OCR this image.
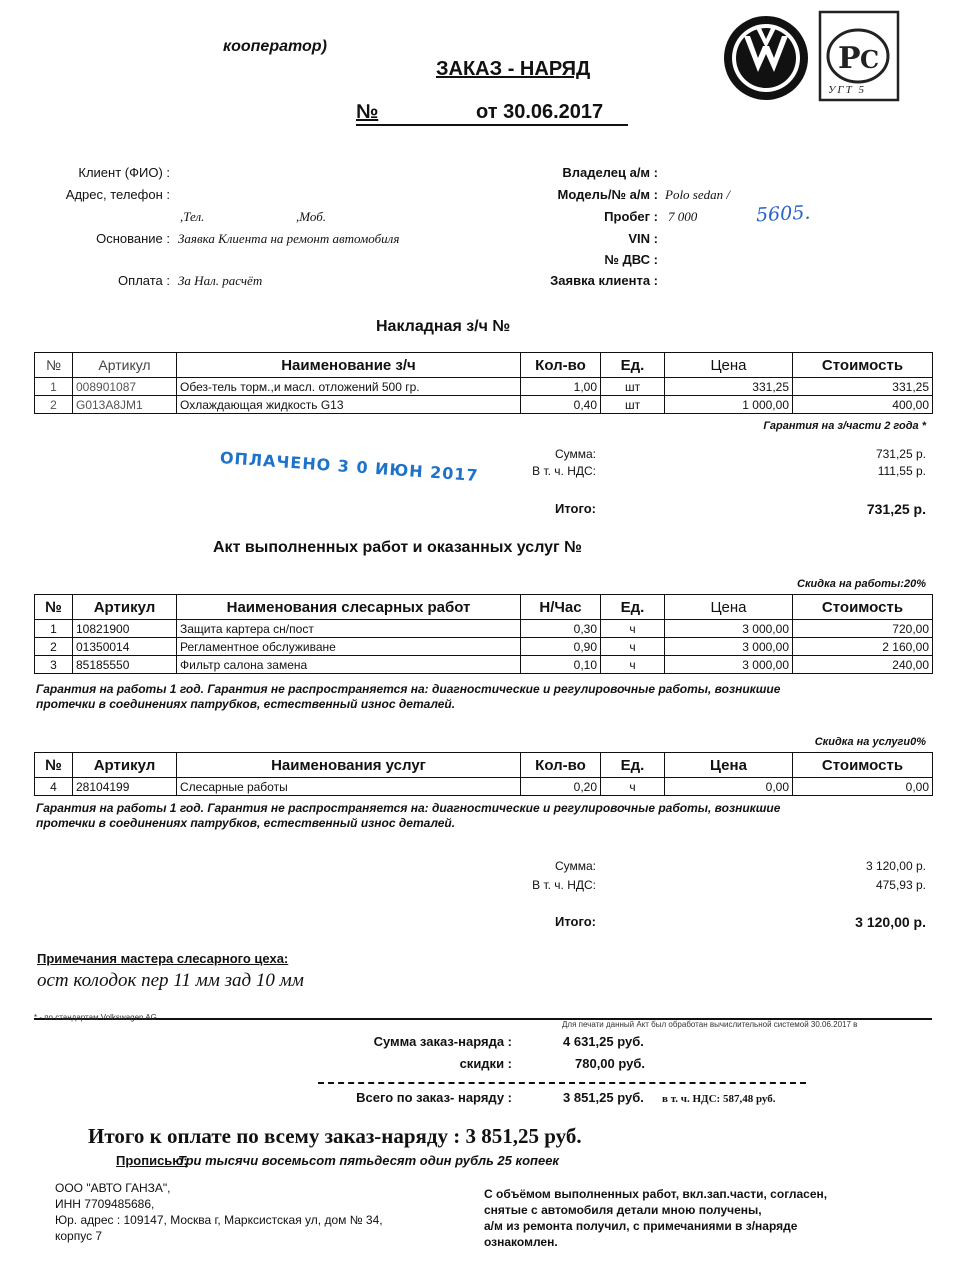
кооператор)
ЗАКАЗ - НАРЯД
№	от 30.06.2017
P C
УГТ 5
Клиент (ФИО) :
Адрес, телефон :
,Тел.	,Моб.
Основание : Заявка Клиента на ремонт автомобиля
Оплата : За Нал. расчёт
Владелец а/м :
Модель/№ а/м : Polo sedan /
Пробег : 7 000	5605.
VIN :
№ ДВС :
Заявка клиента :
Накладная з/ч №
№	Артикул	Наименование з/ч	Кол-во	Ед.	Цена	Стоимость
1	008901087	Обез-тель торм.,и масл. отложений 500 гр.	1,00	шт	331,25	331,25
2	G013A8JM1	Охлаждающая жидкость G13	0,40	шт	1 000,00	400,00
Гарантия на з/части 2 года *
ОПЛАЧЕНО 3 0 ИЮН 2017	Сумма:	731,25 р.
В т. ч. НДС:	111,55 р.
Итого:	731,25 р.
Акт выполненных работ и оказанных услуг №
Скидка на работы:20%
№	Артикул	Наименования слесарных работ	Н/Час	Ед.	Цена	Стоимость
1	10821900	Защита картера сн/пост	0,30	ч	3 000,00	720,00
2	01350014	Регламентное обслуживане	0,90	ч	3 000,00	2 160,00
3	85185550	Фильтр салона замена	0,10	ч	3 000,00	240,00
Гарантия на работы 1 год. Гарантия не распространяется на: диагностические и регулировочные работы, возникшие
протечки в соединениях патрубков, естественный износ деталей.
Скидка на услуги0%
№	Артикул	Наименования услуг	Кол-во	Ед.	Цена	Стоимость
4	28104199	Слесарные работы	0,20	ч	0,00	0,00
Гарантия на работы 1 год. Гарантия не распространяется на: диагностические и регулировочные работы, возникшие
протечки в соединениях патрубков, естественный износ деталей.
Сумма:	3 120,00 р.
В т. ч. НДС:	475,93 р.
Итого:	3 120,00 р.
Примечания мастера слесарного цеха:
ост колодок пер 11 мм зад 10 мм
* - по стандартам Volkswagen AG
Для печати данный Акт был обработан вычислительной системой 30.06.2017 в
Сумма заказ-наряда :	4 631,25 руб.
скидки :	780,00 руб.
Всего по заказ- наряду :	3 851,25 руб. в т. ч. НДС: 587,48 руб.
Итого к оплате по всему заказ-наряду : 3 851,25 руб.
Прописью:
Три тысячи восемьсот пятьдесят один рубль 25 копеек
ООО "АВТО ГАНЗА",
ИНН 7709485686,
Юр. адрес : 109147, Москва г, Марксистская ул, дом № 34,
корпус 7
С объёмом выполненных работ, вкл.зап.части, согласен,
снятые с автомобиля детали мною получены,
а/м из ремонта получил, с примечаниями в з/наряде
ознакомлен.
